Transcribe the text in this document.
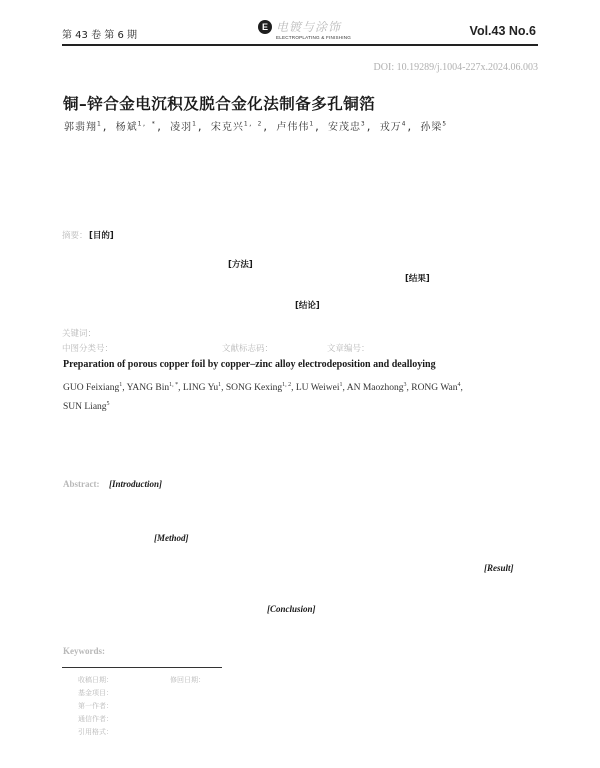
第 43 卷 第 6 期
E 电镀与涂饰
ELECTROPLATING & FINISHING	Vol.43 No.6
DOI: 10.19289/j.1004-227x.2024.06.003
铜–锌合金电沉积及脱合金化法制备多孔铜箔
郭翡翔$^1$, 杨斌$^{1, *}$, 凌羽$^1$, 宋克兴$^{1, 2}$, 卢伟伟$^1$, 安茂忠$^3$, 戎万$^4$, 孙梁$^5$
摘要： [目的]
[方法]
[结果]
[结论]
关键词：
中图分类号：	文献标志码：	文章编号：
Preparation of porous copper foil by copper–zinc alloy electrodeposition and dealloying
GUO Feixiang$^1$, YANG Bin$^{1, *}$, LING Yu$^1$, SONG Kexing$^{1, 2}$, LU Weiwei$^1$, AN Maozhong$^3$, RONG Wan$^4$,
SUN Liang$^5$
Abstract: [Introduction]
[Method]
[Result]
[Conclusion]
Keywords:
收稿日期：	修回日期：
基金项目：
第一作者：
通信作者：
引用格式：
